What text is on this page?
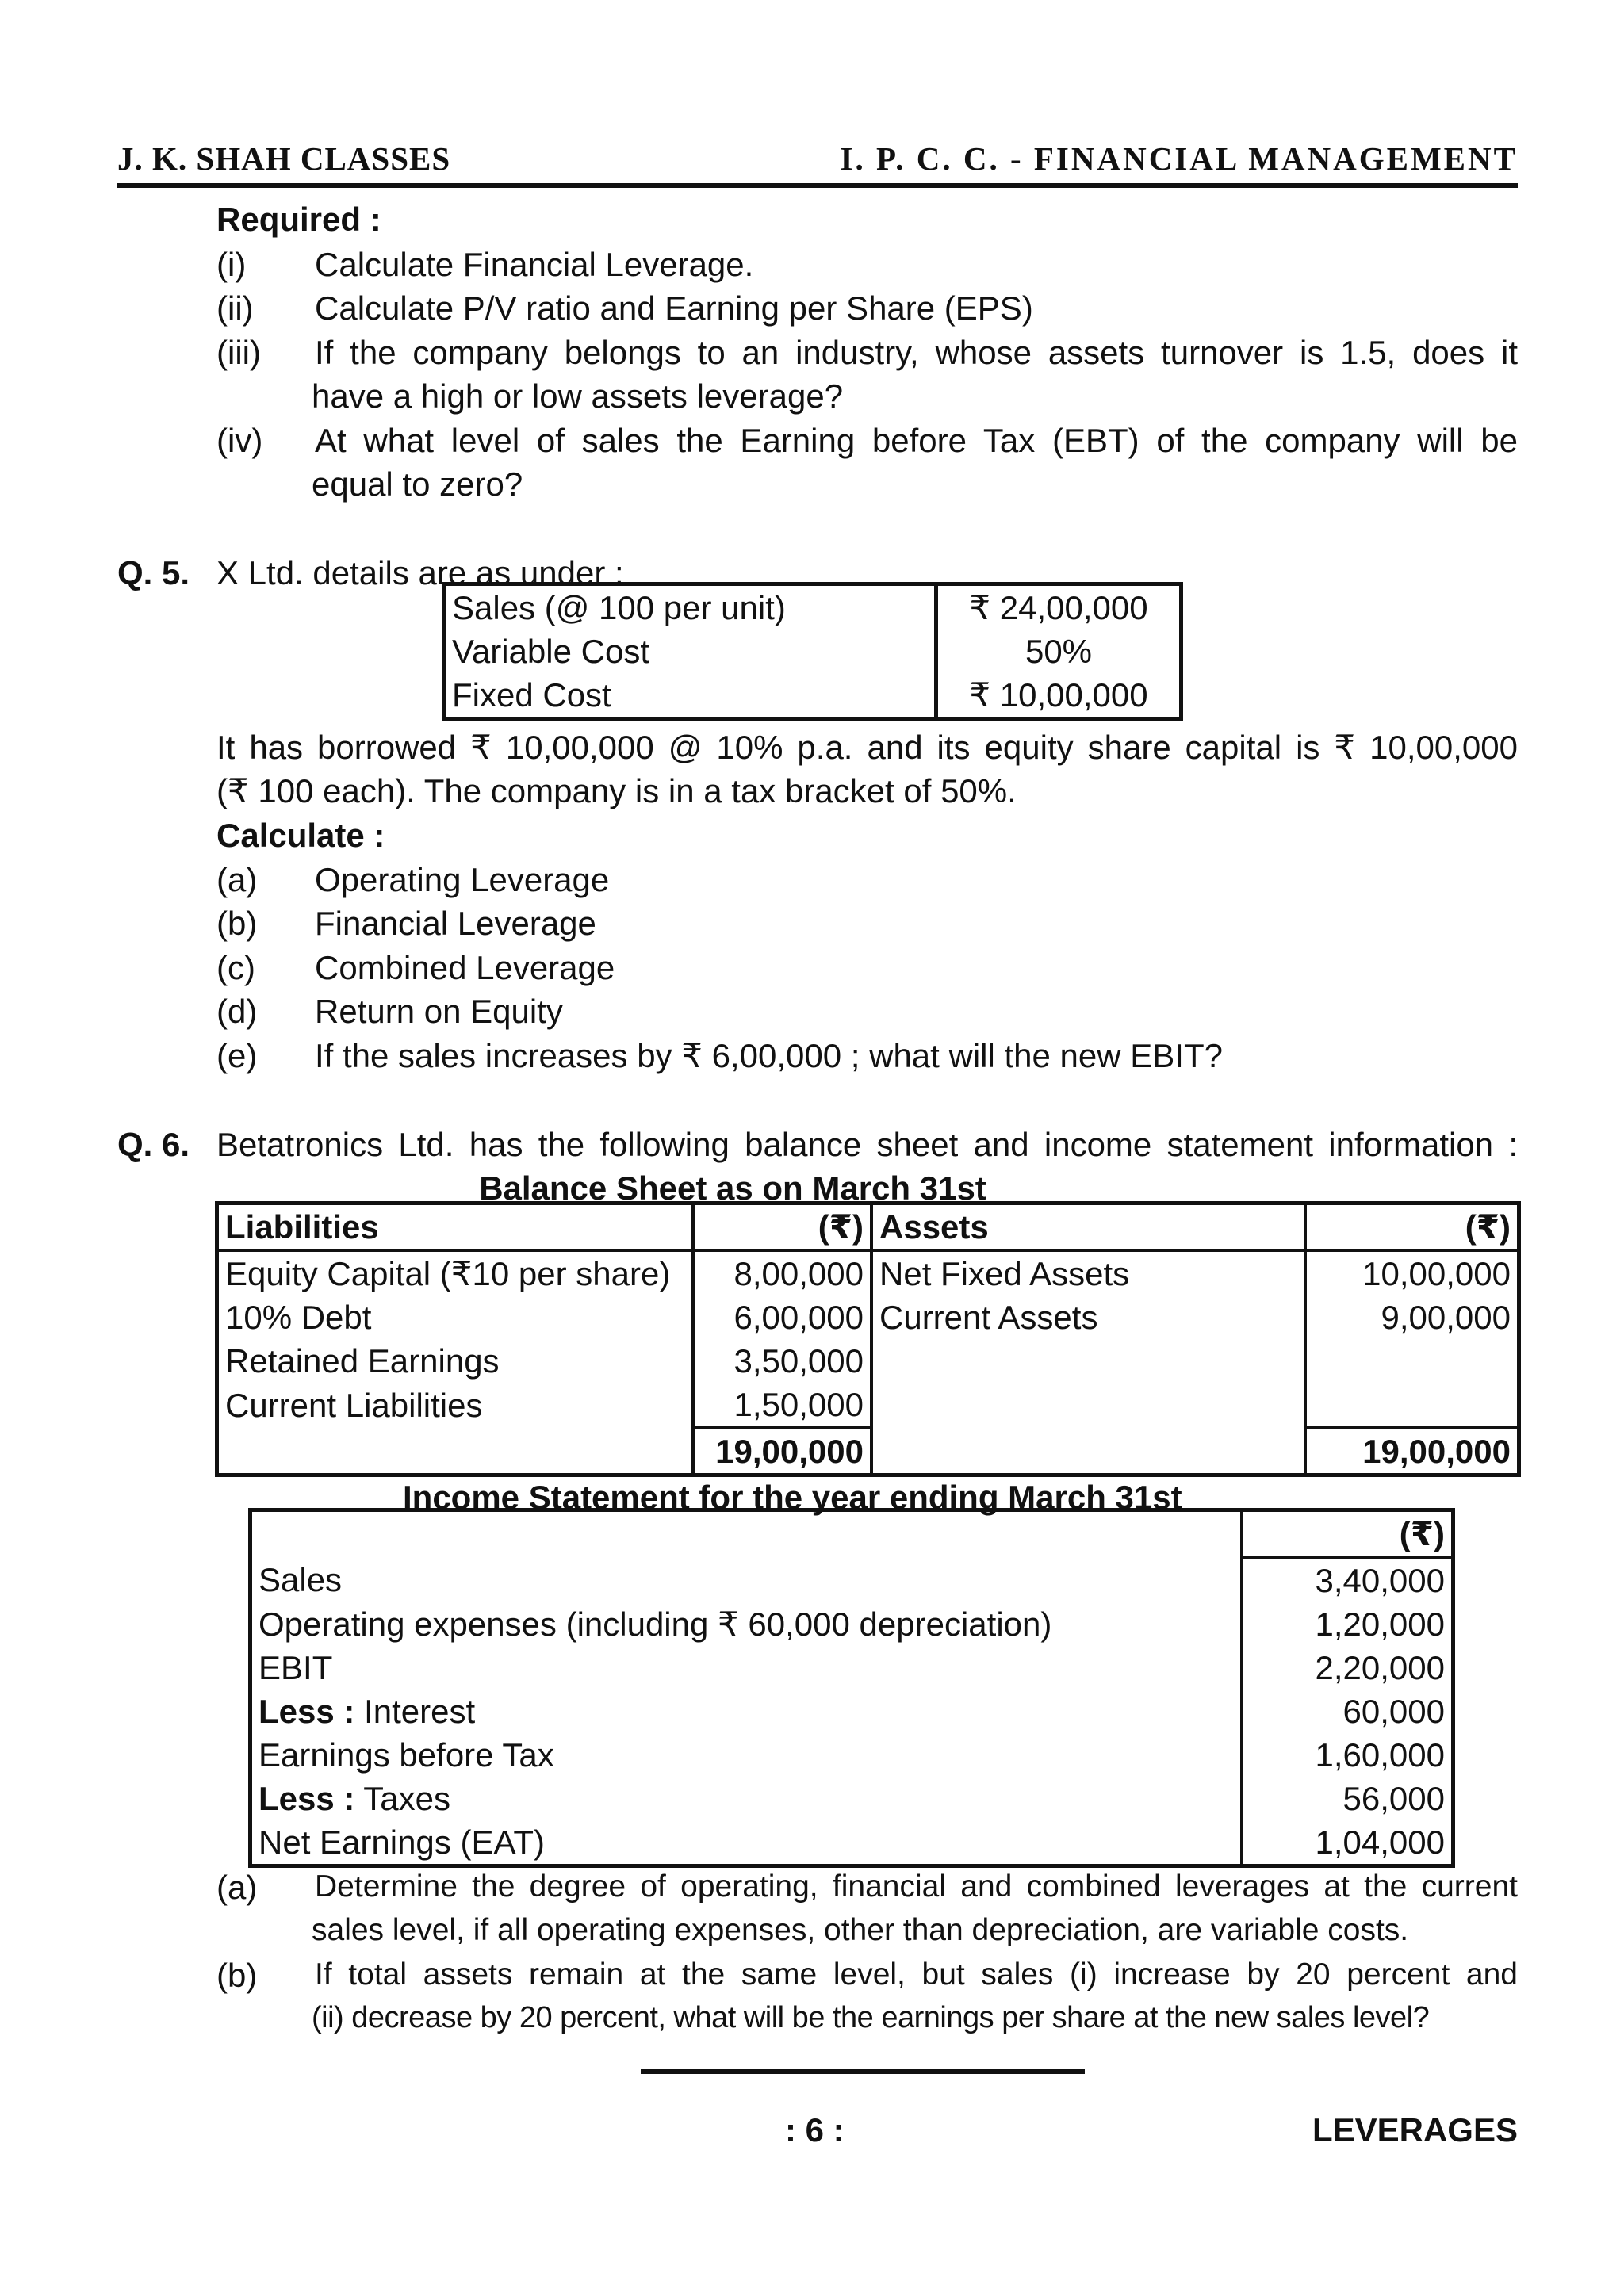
J. K. SHAH CLASSES	I. P. C. C. - FINANCIAL MANAGEMENT
Required :
(i) Calculate Financial Leverage.
(ii) Calculate P/V ratio and Earning per Share (EPS)
(iii) If the company belongs to an industry, whose assets turnover is 1.5, does it
have a high or low assets leverage?
(iv) At what level of sales the Earning before Tax (EBT) of the company will be
equal to zero?
Q. 5. X Ltd. details are as under :
Sales (@ 100 per unit)	₹ 24,00,000
Variable Cost	50%
Fixed Cost	₹ 10,00,000
It has borrowed ₹ 10,00,000 @ 10% p.a. and its equity share capital is ₹ 10,00,000
(₹ 100 each). The company is in a tax bracket of 50%.
Calculate :
(a) Operating Leverage
(b) Financial Leverage
(c) Combined Leverage
(d) Return on Equity
(e) If the sales increases by ₹ 6,00,000 ; what will the new EBIT?
Q. 6. Betatronics Ltd. has the following balance sheet and income statement information :
Balance Sheet as on March 31st
Liabilities	(₹)	Assets	(₹)
Equity Capital (₹10 per share)	8,00,000	Net Fixed Assets	10,00,000
10% Debt	6,00,000	Current Assets	9,00,000
Retained Earnings	3,50,000		
Current Liabilities	1,50,000		
	19,00,000		19,00,000
Income Statement for the year ending March 31st
	(₹)
Sales	3,40,000
Operating expenses (including ₹ 60,000 depreciation)	1,20,000
EBIT	2,20,000
Less : Interest	60,000
Earnings before Tax	1,60,000
Less : Taxes	56,000
Net Earnings (EAT)	1,04,000
(a) Determine the degree of operating, financial and combined leverages at the current
sales level, if all operating expenses, other than depreciation, are variable costs.
(b) If total assets remain at the same level, but sales (i) increase by 20 percent and
(ii) decrease by 20 percent, what will be the earnings per share at the new sales level?
: 6 :	LEVERAGES
